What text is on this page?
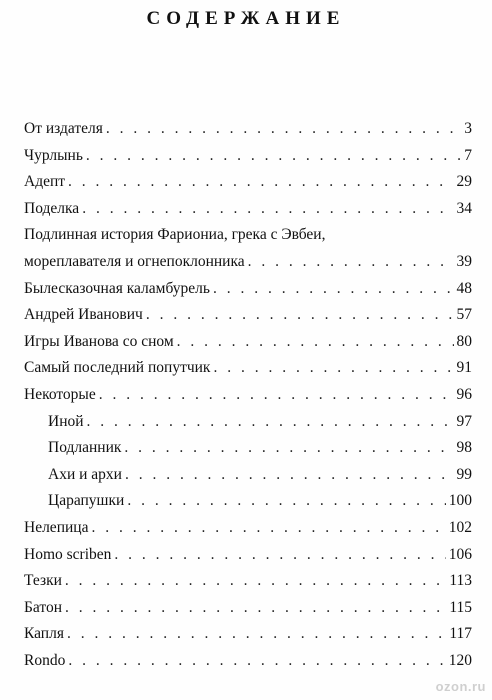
СОДЕРЖАНИЕ
От издателя . . .	3
Чурлынь . . .	7
Адепт . . .	29
Поделка . . .	34
Подлинная история Фариониа, грека с Эвбеи,
мореплавателя и огнепоклонника . . .	39
Былесказочная каламбурель . . .	48
Андрей Иванович . . .	57
Игры Иванова со сном . . .	80
Самый последний попутчик . . .	91
Некоторые . . .	96
Иной . . .	97
Подланник . . .	98
Ахи и архи . . .	99
Царапушки . . .	100
Нелепица . . .	102
Homo scriben . . .	106
Тезки . . .	113
Батон . . .	115
Капля . . .	117
Rondo . . .	120
ozon.ru
